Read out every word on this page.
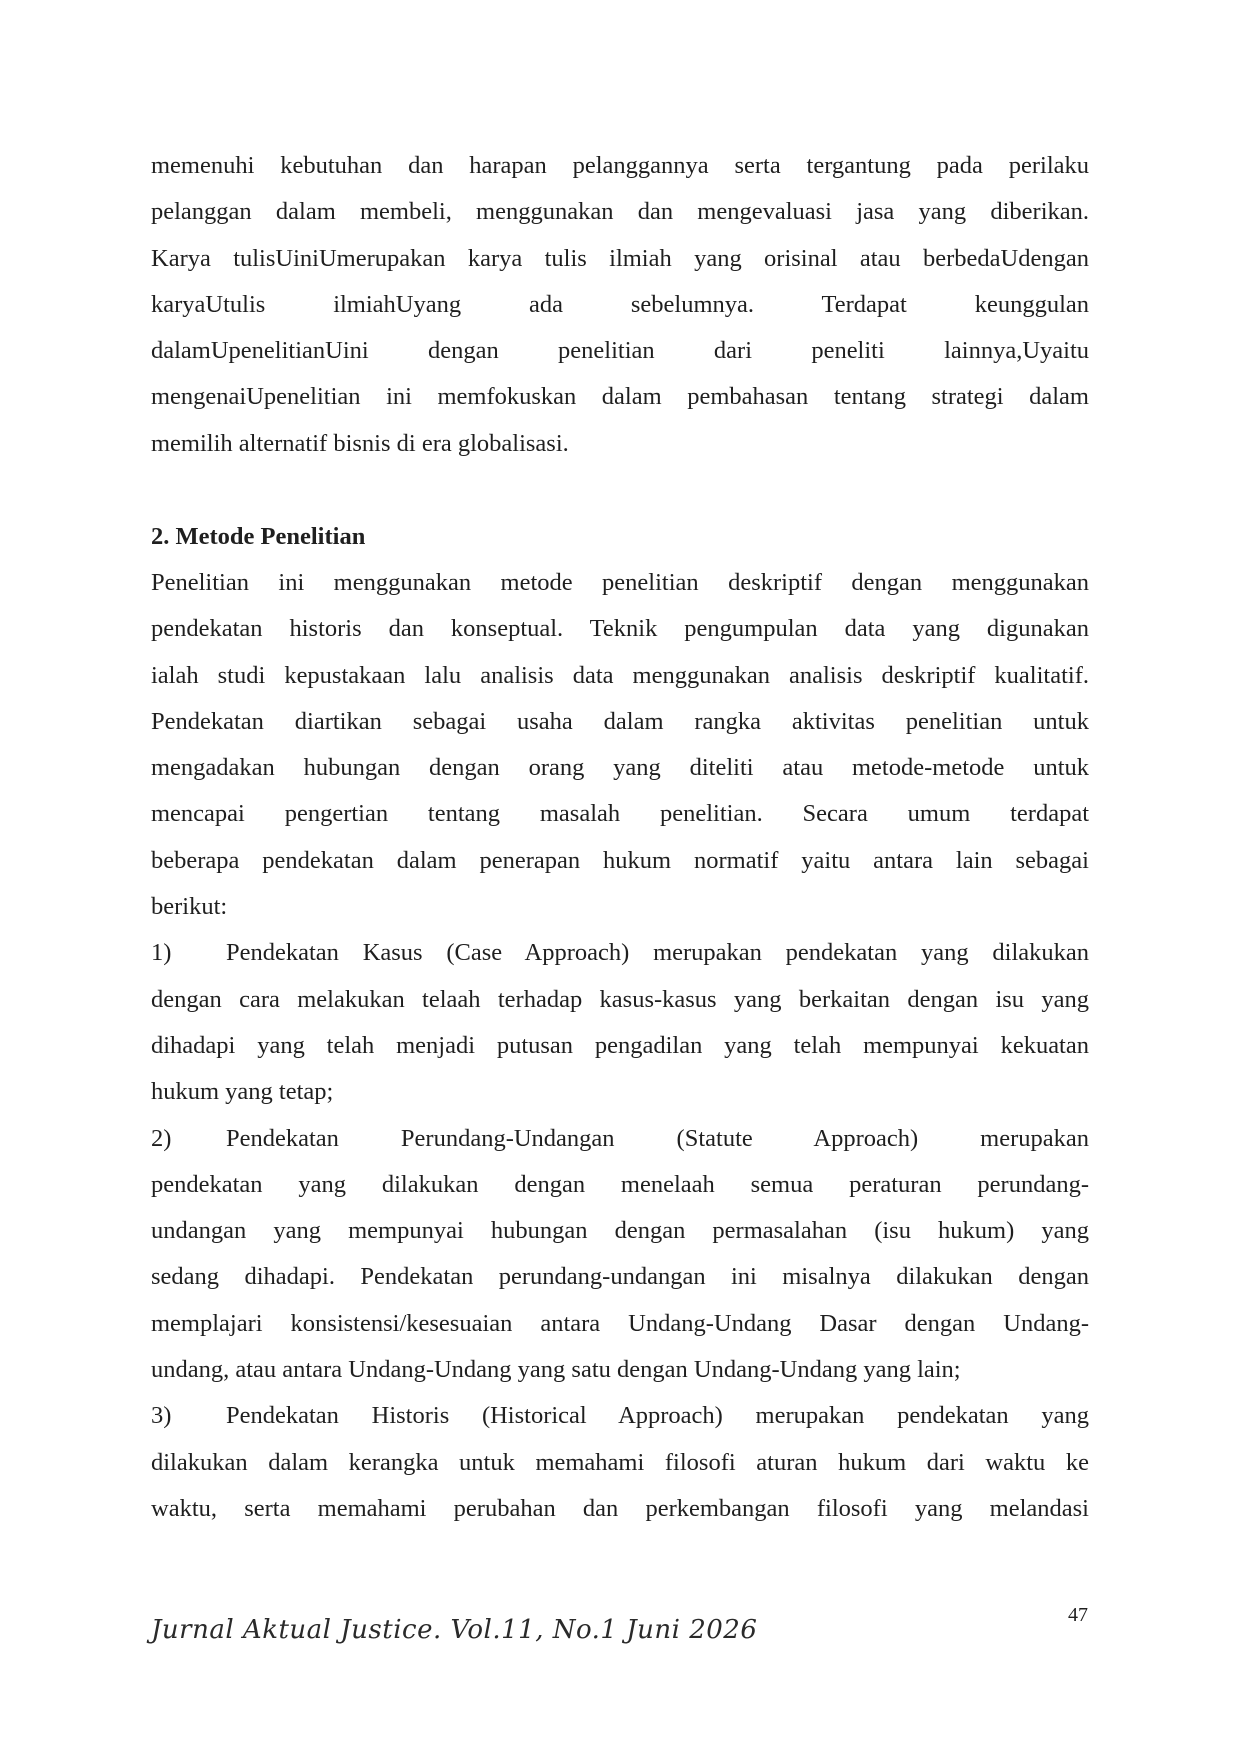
memenuhi kebutuhan dan harapan pelanggannya serta tergantung pada perilaku

pelanggan dalam membeli, menggunakan dan mengevaluasi jasa yang diberikan.

Karya tulisUiniUmerupakan karya tulis ilmiah yang orisinal atau berbedaUdengan

karyaUtulis ilmiahUyang ada sebelumnya. Terdapat keunggulan

dalamUpenelitianUini dengan penelitian dari peneliti lainnya,Uyaitu

mengenaiUpenelitian ini memfokuskan dalam pembahasan tentang strategi dalam

memilih alternatif bisnis di era globalisasi.

2. Metode Penelitian

Penelitian ini menggunakan metode penelitian deskriptif dengan menggunakan

pendekatan historis dan konseptual. Teknik pengumpulan data yang digunakan

ialah studi kepustakaan lalu analisis data menggunakan analisis deskriptif kualitatif.

Pendekatan diartikan sebagai usaha dalam rangka aktivitas penelitian untuk

mengadakan hubungan dengan orang yang diteliti atau metode-metode untuk

mencapai pengertian tentang masalah penelitian. Secara umum terdapat

beberapa pendekatan dalam penerapan hukum normatif yaitu antara lain sebagai

berikut:

1)	Pendekatan Kasus (Case Approach) merupakan pendekatan yang dilakukan

dengan cara melakukan telaah terhadap kasus-kasus yang berkaitan dengan isu yang

dihadapi yang telah menjadi putusan pengadilan yang telah mempunyai kekuatan

hukum yang tetap;

2)	Pendekatan Perundang-Undangan (Statute Approach) merupakan

pendekatan yang dilakukan dengan menelaah semua peraturan perundang-

undangan yang mempunyai hubungan dengan permasalahan (isu hukum) yang

sedang dihadapi. Pendekatan perundang-undangan ini misalnya dilakukan dengan

memplajari konsistensi/kesesuaian antara Undang-Undang Dasar dengan Undang-

undang, atau antara Undang-Undang yang satu dengan Undang-Undang yang lain;

3)	Pendekatan Historis (Historical Approach) merupakan pendekatan yang

dilakukan dalam kerangka untuk memahami filosofi aturan hukum dari waktu ke

waktu, serta memahami perubahan dan perkembangan filosofi yang melandasi

47
Jurnal Aktual Justice. Vol.11, No.1 Juni 2026
